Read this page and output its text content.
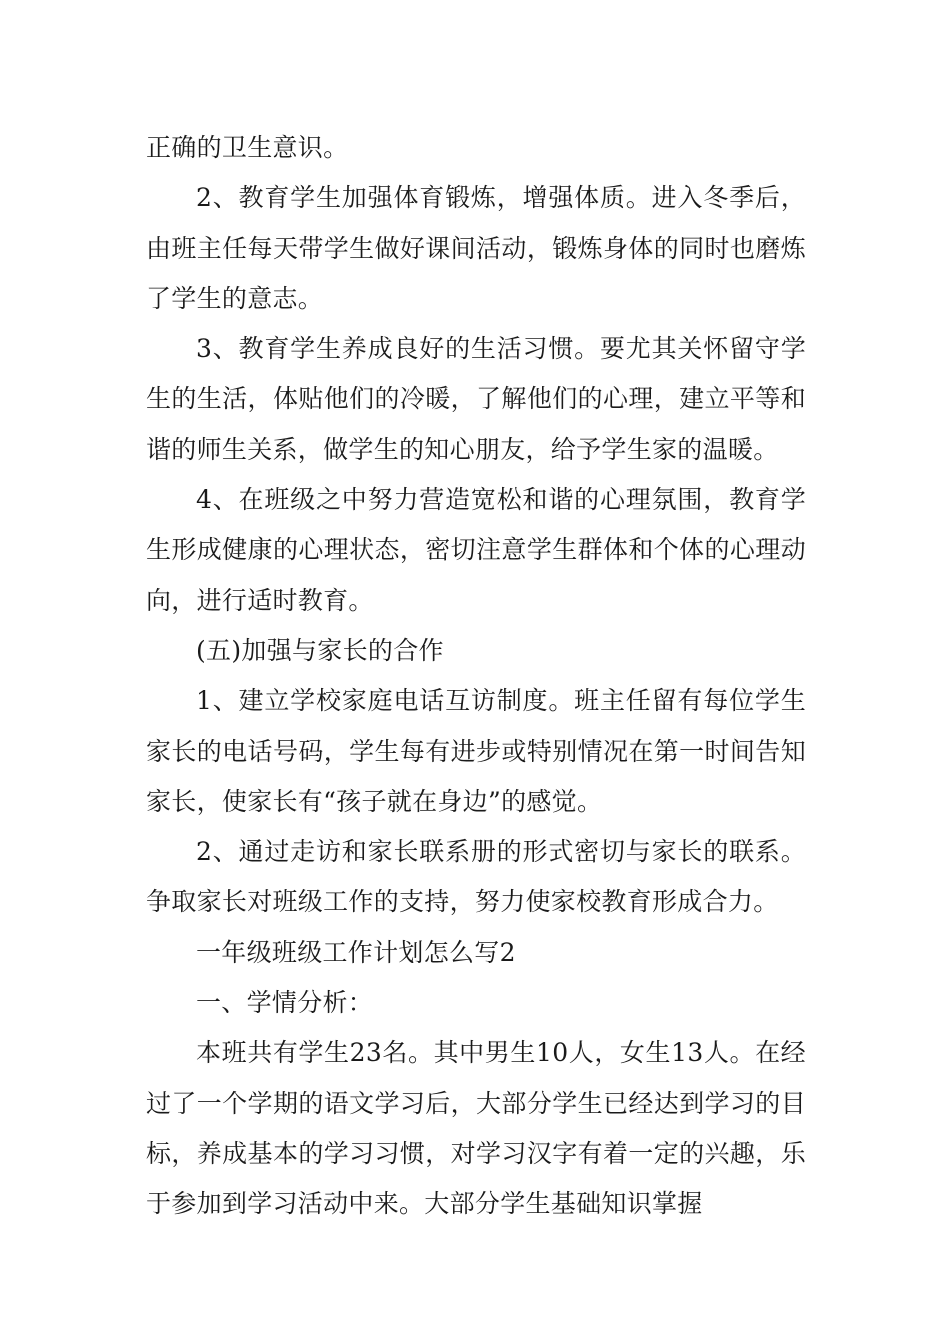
正确的卫生意识。

2、教育学生加强体育锻炼，增强体质。进入冬季后，由班主任每天带学生做好课间活动，锻炼身体的同时也磨炼了学生的意志。

3、教育学生养成良好的生活习惯。要尤其关怀留守学生的生活，体贴他们的冷暖，了解他们的心理，建立平等和谐的师生关系，做学生的知心朋友，给予学生家的温暖。

4、在班级之中努力营造宽松和谐的心理氛围，教育学生形成健康的心理状态，密切注意学生群体和个体的心理动向，进行适时教育。

(五)加强与家长的合作

1、建立学校家庭电话互访制度。班主任留有每位学生家长的电话号码，学生每有进步或特别情况在第一时间告知家长，使家长有“孩子就在身边”的感觉。

2、通过走访和家长联系册的形式密切与家长的联系。争取家长对班级工作的支持，努力使家校教育形成合力。

一年级班级工作计划怎么写2

一、学情分析：

本班共有学生23名。其中男生10人，女生13人。在经过了一个学期的语文学习后，大部分学生已经达到学习的目标，养成基本的学习习惯，对学习汉字有着一定的兴趣，乐于参加到学习活动中来。大部分学生基础知识掌握
